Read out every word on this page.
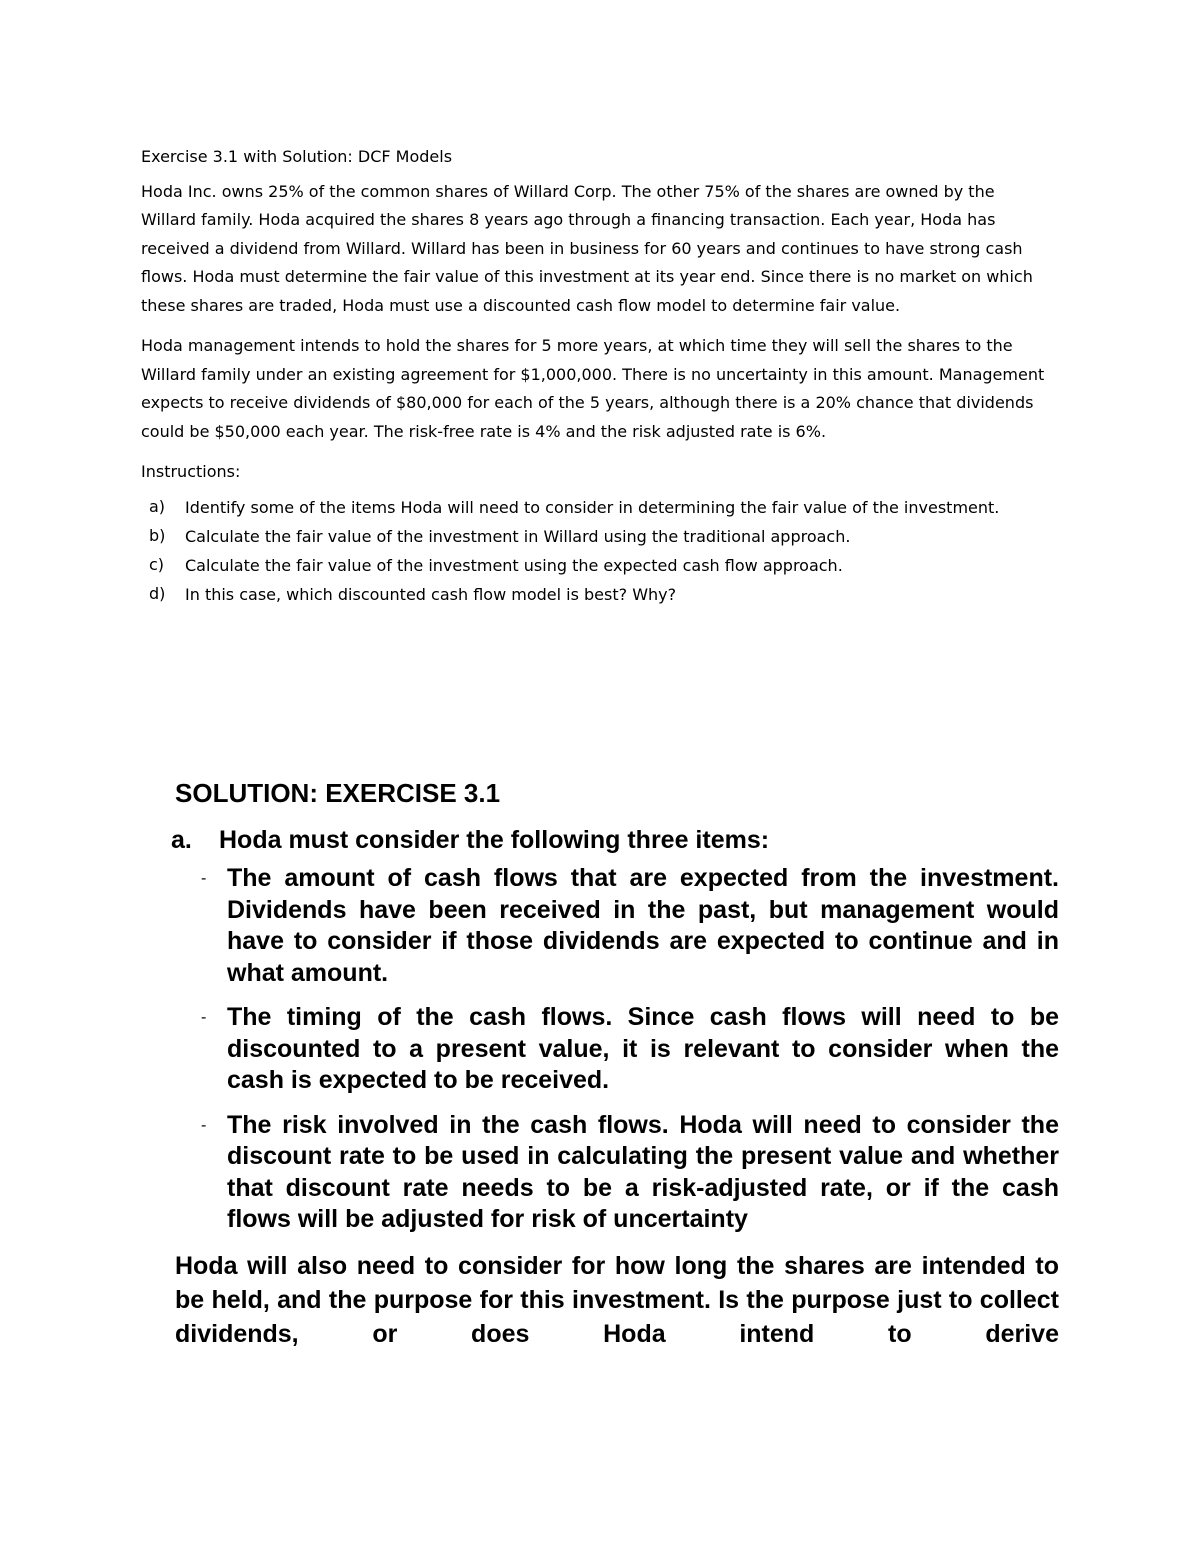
Exercise 3.1 with Solution: DCF Models

Hoda Inc. owns 25% of the common shares of Willard Corp. The other 75% of the shares are owned by the Willard family. Hoda acquired the shares 8 years ago through a financing transaction. Each year, Hoda has received a dividend from Willard. Willard has been in business for 60 years and continues to have strong cash flows. Hoda must determine the fair value of this investment at its year end. Since there is no market on which these shares are traded, Hoda must use a discounted cash flow model to determine fair value.

Hoda management intends to hold the shares for 5 more years, at which time they will sell the shares to the Willard family under an existing agreement for $1,000,000. There is no uncertainty in this amount. Management expects to receive dividends of $80,000 for each of the 5 years, although there is a 20% chance that dividends could be $50,000 each year. The risk-free rate is 4% and the risk adjusted rate is 6%.

Instructions:

a)	Identify some of the items Hoda will need to consider in determining the fair value of the investment.
b)	Calculate the fair value of the investment in Willard using the traditional approach.
c)	Calculate the fair value of the investment using the expected cash flow approach.
d)	In this case, which discounted cash flow model is best? Why?
SOLUTION: EXERCISE 3.1
a.	Hoda must consider the following three items:
- The amount of cash flows that are expected from the investment. Dividends have been received in the past, but management would have to consider if those dividends are expected to continue and in what amount.
- The timing of the cash flows. Since cash flows will need to be discounted to a present value, it is relevant to consider when the cash is expected to be received.
- The risk involved in the cash flows. Hoda will need to consider the discount rate to be used in calculating the present value and whether that discount rate needs to be a risk-adjusted rate, or if the cash flows will be adjusted for risk of uncertainty

Hoda will also need to consider for how long the shares are intended to be held, and the purpose for this investment. Is the purpose just to collect dividends, or does Hoda intend to derive
